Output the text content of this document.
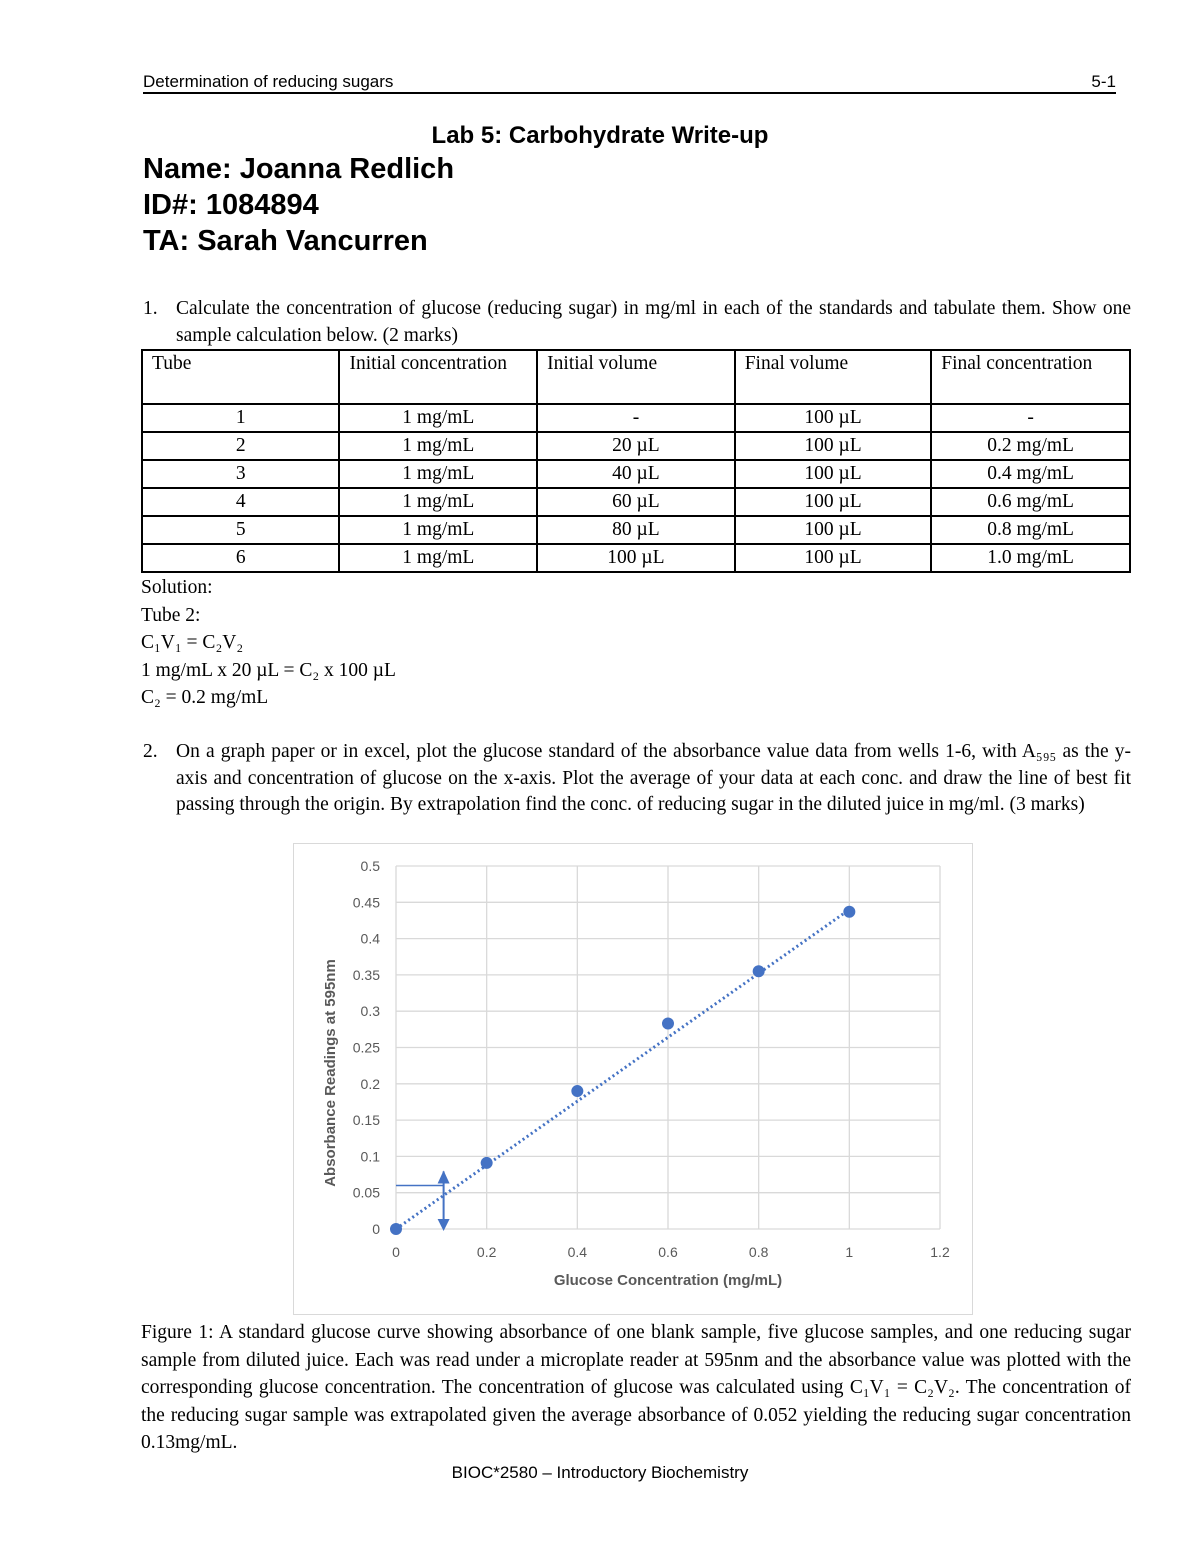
Determination of reducing sugars	5-1
Lab 5: Carbohydrate Write-up
Name: Joanna Redlich
ID#: 1084894
TA: Sarah Vancurren
1. Calculate the concentration of glucose (reducing sugar) in mg/ml in each of the standards and tabulate them. Show one sample calculation below. (2 marks)
Tube	Initial concentration	Initial volume	Final volume	Final concentration
1	1 mg/mL	-	100 µL	-
2	1 mg/mL	20 µL	100 µL	0.2 mg/mL
3	1 mg/mL	40 µL	100 µL	0.4 mg/mL
4	1 mg/mL	60 µL	100 µL	0.6 mg/mL
5	1 mg/mL	80 µL	100 µL	0.8 mg/mL
6	1 mg/mL	100 µL	100 µL	1.0 mg/mL
Solution:
Tube 2:
C₁V₁ = C₂V₂
1 mg/mL x 20 µL = C₂ x 100 µL
C₂ = 0.2 mg/mL
2. On a graph paper or in excel, plot the glucose standard of the absorbance value data from wells 1-6, with A₅₉₅ as the y-axis and concentration of glucose on the x-axis. Plot the average of your data at each conc. and draw the line of best fit passing through the origin. By extrapolation find the conc. of reducing sugar in the diluted juice in mg/ml. (3 marks)
0
0.05
0.1
0.15
0.2
0.25
0.3
0.35
0.4
0.45
0.5
0	0.2	0.4	0.6	0.8	1	1.2
Glucose Concentration (mg/mL)
Absorbance Readings at 595nm
Figure 1: A standard glucose curve showing absorbance of one blank sample, five glucose samples, and one reducing sugar sample from diluted juice. Each was read under a microplate reader at 595nm and the absorbance value was plotted with the corresponding glucose concentration. The concentration of glucose was calculated using C₁V₁ = C₂V₂. The concentration of the reducing sugar sample was extrapolated given the average absorbance of 0.052 yielding the reducing sugar concentration 0.13mg/mL.
BIOC*2580 – Introductory Biochemistry
